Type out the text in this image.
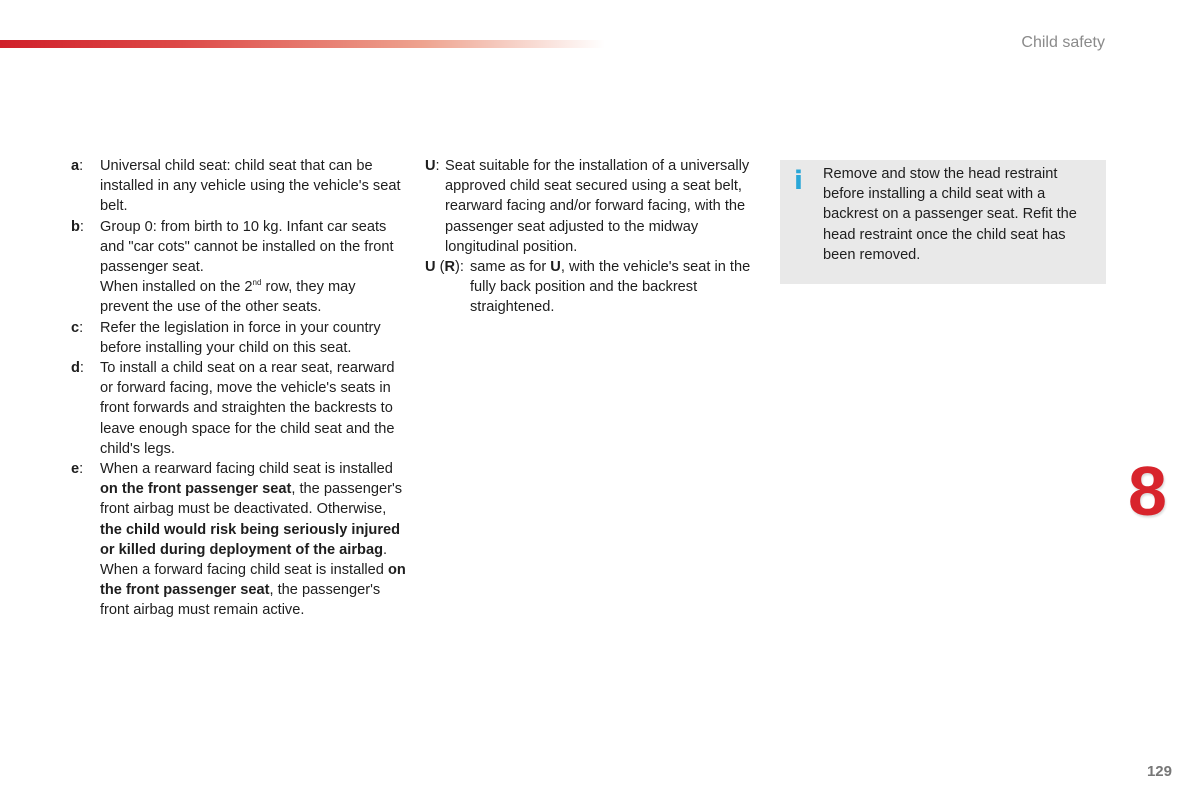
Child safety
a: Universal child seat: child seat that can be installed in any vehicle using the vehicle's seat belt.
b: Group 0: from birth to 10 kg. Infant car seats and "car cots" cannot be installed on the front passenger seat.
When installed on the 2nd row, they may prevent the use of the other seats.
c: Refer the legislation in force in your country before installing your child on this seat.
d: To install a child seat on a rear seat, rearward or forward facing, move the vehicle's seats in front forwards and straighten the backrests to leave enough space for the child seat and the child's legs.
e: When a rearward facing child seat is installed on the front passenger seat, the passenger's front airbag must be deactivated. Otherwise, the child would risk being seriously injured or killed during deployment of the airbag.
When a forward facing child seat is installed on the front passenger seat, the passenger's front airbag must remain active.
U: Seat suitable for the installation of a universally approved child seat secured using a seat belt, rearward facing and/or forward facing, with the passenger seat adjusted to the midway longitudinal position.
U (R): same as for U, with the vehicle's seat in the fully back position and the backrest straightened.
i Remove and stow the head restraint before installing a child seat with a backrest on a passenger seat. Refit the head restraint once the child seat has been removed.
8
129
